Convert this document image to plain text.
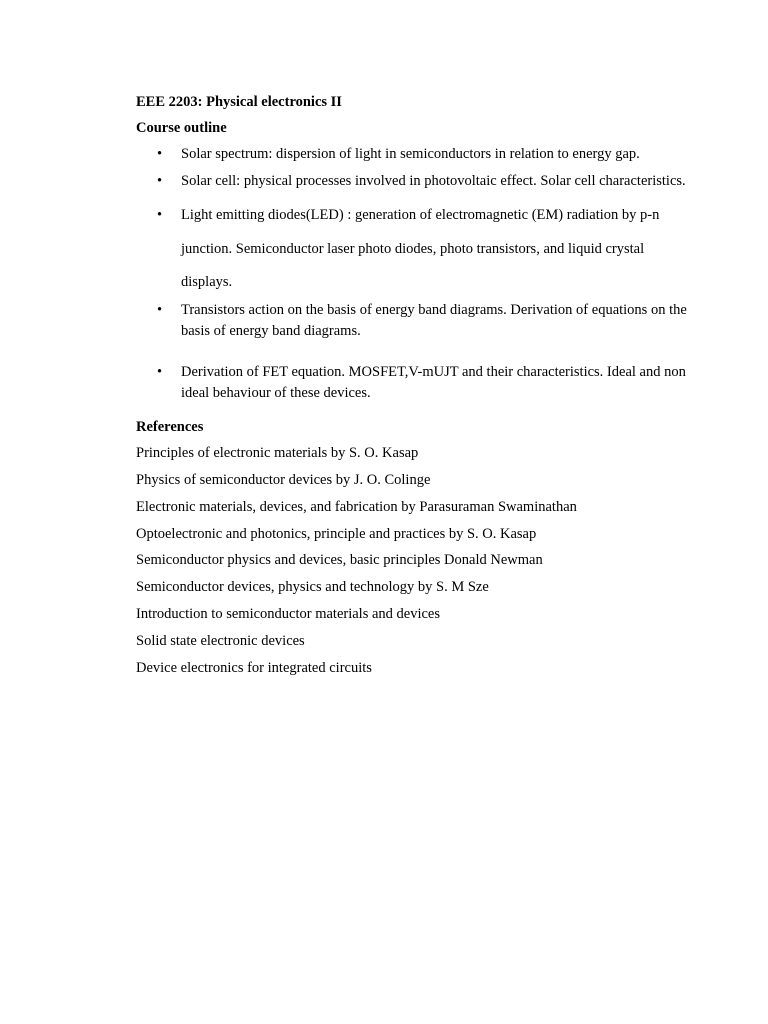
EEE 2203: Physical electronics II

Course outline

• Solar spectrum: dispersion of light in semiconductors in relation to energy gap.
• Solar cell: physical processes involved in photovoltaic effect. Solar cell characteristics.
• Light emitting diodes(LED) : generation of electromagnetic (EM) radiation by p-n junction. Semiconductor laser photo diodes, photo transistors, and liquid crystal displays.
• Transistors action on the basis of energy band diagrams. Derivation of equations on the basis of energy band diagrams.
• Derivation of FET equation. MOSFET,V-mUJT and their characteristics. Ideal and non ideal behaviour of these devices.

References

Principles of electronic materials by S. O. Kasap
Physics of semiconductor devices by J. O. Colinge
Electronic materials, devices, and fabrication by Parasuraman Swaminathan
Optoelectronic and photonics, principle and practices by S. O. Kasap
Semiconductor physics and devices, basic principles Donald Newman
Semiconductor devices, physics and technology by S. M Sze
Introduction to semiconductor materials and devices
Solid state electronic devices
Device electronics for integrated circuits
